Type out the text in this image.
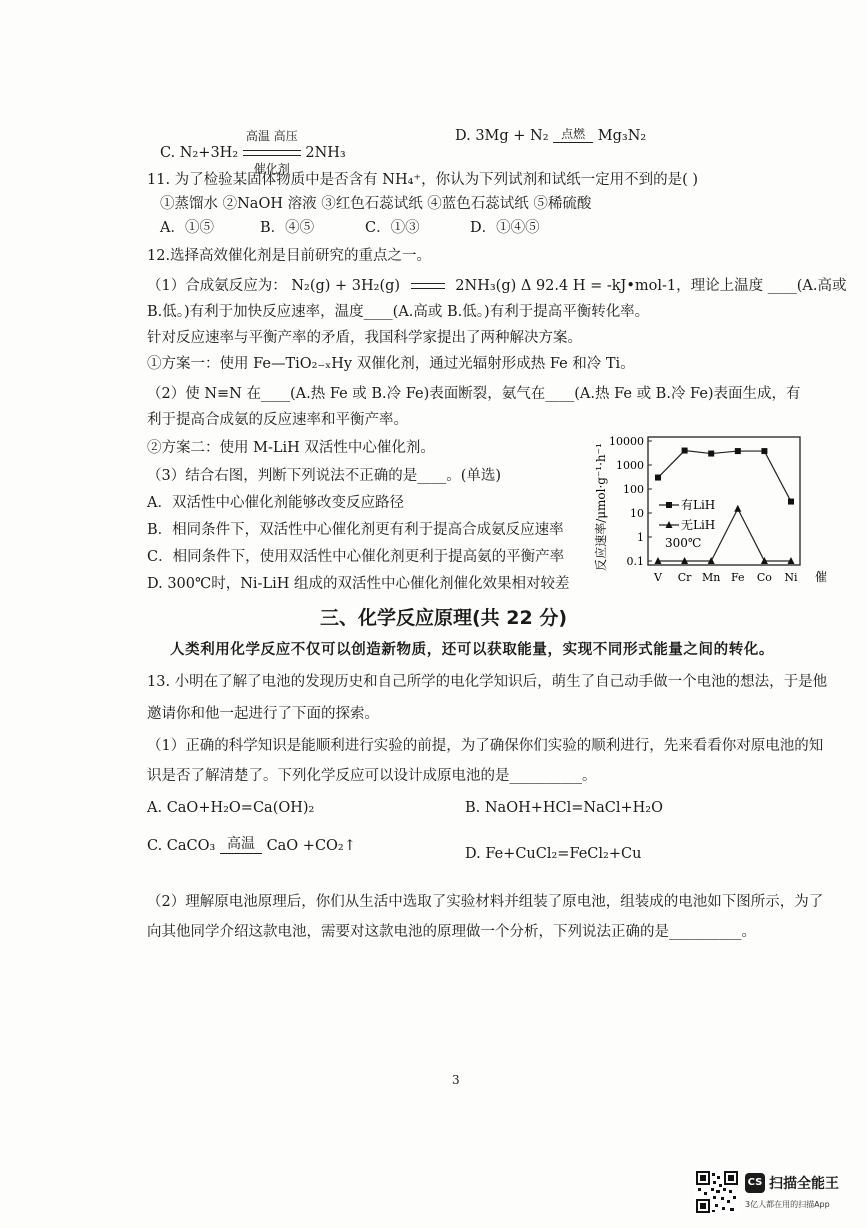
C. N₂+3H₂
高温 高压
催化剂
2NH₃
D. 3Mg + N₂	点燃 Mg₃N₂
11. 为了检验某固体物质中是否含有 NH₄⁺，你认为下列试剂和试纸一定用不到的是( )
①蒸馏水 ②NaOH 溶液 ③红色石蕊试纸 ④蓝色石蕊试纸 ⑤稀硫酸
A．①⑤	B．④⑤	C．①③	D．①④⑤
12.选择高效催化剂是目前研究的重点之一。
（1）合成氨反应为： N₂(g) + 3H₂(g)	2NH₃(g) Δ 92.4 H = -kJ•mol-1，理论上温度 ____(A.高或
B.低。)有利于加快反应速率，温度____(A.高或 B.低。)有利于提高平衡转化率。
针对反应速率与平衡产率的矛盾，我国科学家提出了两种解决方案。
①方案一：使用 Fe—TiO₂₋ₓHy 双催化剂，通过光辐射形成热 Fe 和冷 Ti。
（2）使 N≡N 在____(A.热 Fe 或 B.冷 Fe)表面断裂，氨气在____(A.热 Fe 或 B.冷 Fe)表面生成，有
利于提高合成氨的反应速率和平衡产率。
②方案二：使用 M-LiH 双活性中心催化剂。
（3）结合右图，判断下列说法不正确的是____。(单选)
A．双活性中心催化剂能够改变反应路径
B．相同条件下，双活性中心催化剂更有利于提高合成氨反应速率
C．相同条件下，使用双活性中心催化剂更利于提高氨的平衡产率
D. 300℃时，Ni-LiH 组成的双活性中心催化剂催化效果相对较差
反应速率/μmol·g⁻¹·h⁻¹
10000
1000
100
10
1
0.1
有LiH
无LiH
300℃
V Cr Mn Fe Co Ni 催
三、化学反应原理(共 22 分)
人类利用化学反应不仅可以创造新物质，还可以获取能量，实现不同形式能量之间的转化。
13. 小明在了解了电池的发现历史和自己所学的电化学知识后，萌生了自己动手做一个电池的想法，于是他
邀请你和他一起进行了下面的探索。
（1）正确的科学知识是能顺利进行实验的前提，为了确保你们实验的顺利进行，先来看看你对原电池的知
识是否了解清楚了。下列化学反应可以设计成原电池的是__________。
A. CaO+H₂O=Ca(OH)₂	B. NaOH+HCl=NaCl+H₂O
C. CaCO₃ 高温 CaO +CO₂↑	D. Fe+CuCl₂=FeCl₂+Cu
（2）理解原电池原理后，你们从生活中选取了实验材料并组装了原电池，组装成的电池如下图所示，为了
向其他同学介绍这款电池，需要对这款电池的原理做一个分析，下列说法正确的是__________。
3
CS 扫描全能王
3亿人都在用的扫描App
